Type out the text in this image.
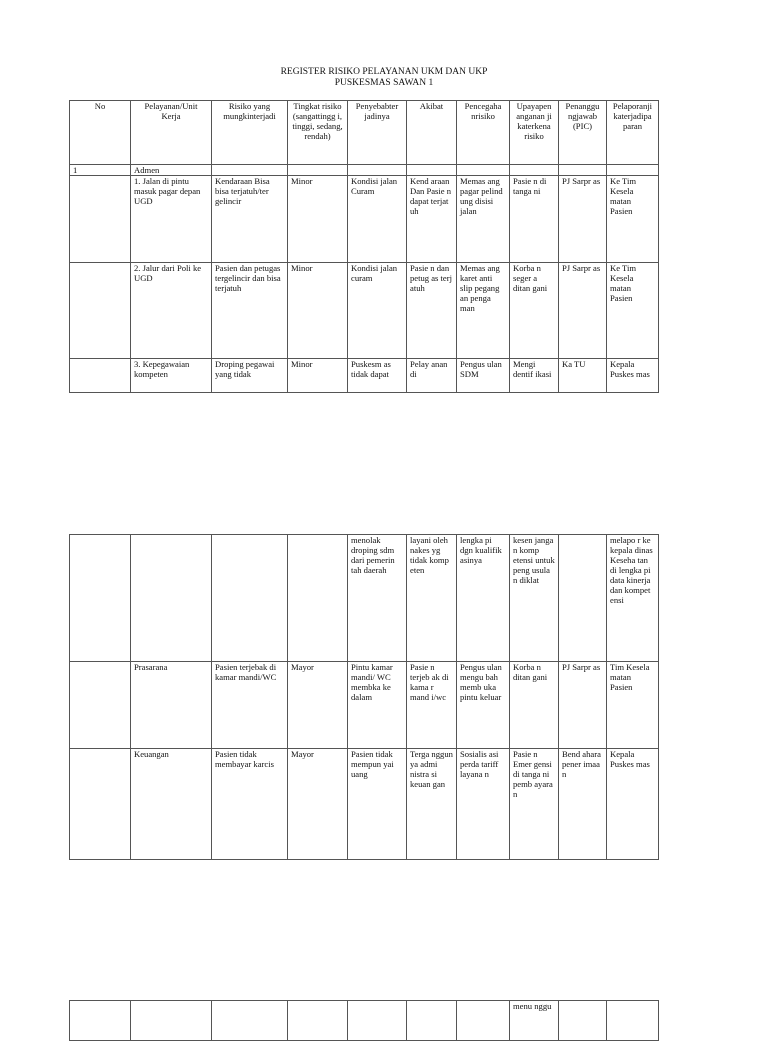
REGISTER RISIKO PELAYANAN UKM DAN UKP
PUSKESMAS SAWAN 1
No	Pelayanan/Unit Kerja	Risiko yang mungkinterjadi	Tingkat risiko (sangattingg i, tinggi, sedang, rendah)	Penyebabter jadinya	Akibat	Pencegaha nrisiko	Upayapen anganan ji katerkena risiko	Penanggu ngjawab (PIC)	Pelaporanji katerjadipa paran
1	Admen								
	1. Jalan di pintu masuk pagar depan UGD	Kendaraan Bisa bisa terjatuh/ter gelincir	Minor	Kondisi jalan Curam	Kend araan Dan Pasie n dapat terjat uh	Memas ang pagar pelind ung disisi jalan	Pasie n di tanga ni	PJ Sarpr as	Ke Tim Kesela matan Pasien
	2. Jalur dari Poli ke UGD	Pasien dan petugas tergelincir dan bisa terjatuh	Minor	Kondisi jalan curam	Pasie n dan petug as terj atuh	Memas ang karet anti slip pegang an penga man	Korba n seger a ditan gani	PJ Sarpr as	Ke Tim Kesela matan Pasien
	3. Kepegawaian kompeten	Droping pegawai yang tidak	Minor	Puskesm as tidak dapat	Pelay anan di	Pengus ulan SDM	Mengi dentif ikasi	Ka TU	Kepala Puskes mas
				menolak droping sdm dari pemerin tah daerah	layani oleh nakes yg tidak komp eten	lengka pi dgn kualifik asinya	kesen janga n komp etensi untuk peng usula n diklat		melapo r ke kepala dinas Keseha tan di lengka pi data kinerja dan kompet ensi
	Prasarana	Pasien terjebak di kamar mandi/WC	Mayor	Pintu kamar mandi/ WC membka ke dalam	Pasie n terjeb ak di kama r mand i/wc	Pengus ulan mengu bah memb uka pintu keluar	Korba n ditan gani	PJ Sarpr as	Tim Kesela matan Pasien
	Keuangan	Pasien tidak membayar karcis	Mayor	Pasien tidak mempun yai uang	Terga nggun ya admi nistra si keuan gan	Sosialis asi perda tariff layana n	Pasie n Emer gensi di tanga ni pemb ayara n	Bend ahara pener imaa n	Kepala Puskes mas
							menu nggu		
